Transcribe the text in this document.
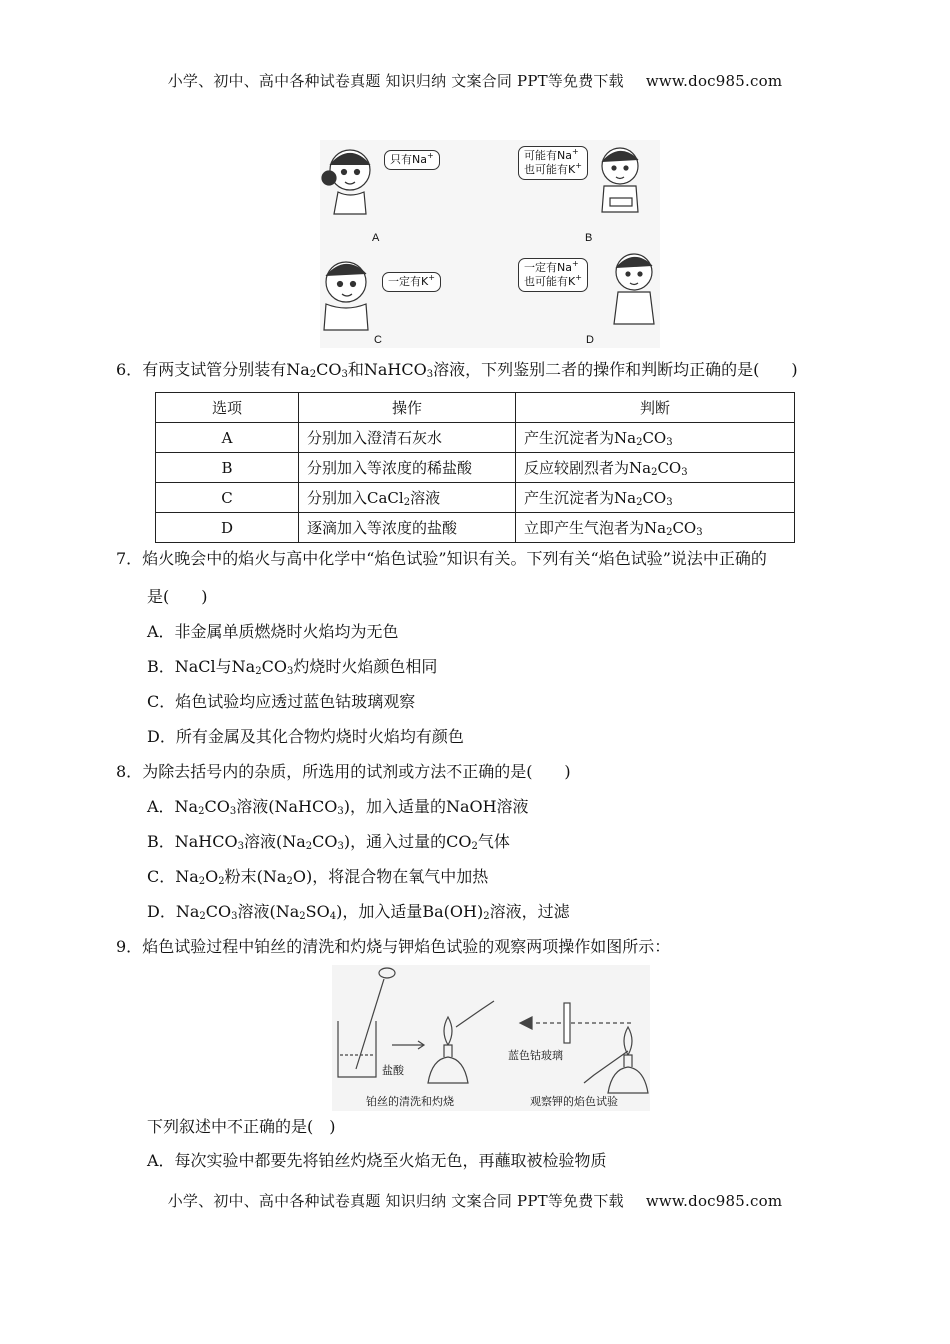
小学、初中、高中各种试卷真题 知识归纳 文案合同 PPT等免费下载 www.doc985.com
只有Na+
A
可能有Na+
也可能有K+
B
一定有K+
C
一定有Na+
也可能有K+
D
6．有两支试管分别装有$Na_2CO_3$和NaHCO$_3$溶液，下列鉴别二者的操作和判断均正确的是(　　)
选项	操作	判断
A	分别加入澄清石灰水	产生沉淀者为$Na_2CO_3$
B	分别加入等浓度的稀盐酸	反应较剧烈者为$Na_2CO_3$
C	分别加入CaCl$_2$溶液	产生沉淀者为$Na_2CO_3$
D	逐滴加入等浓度的盐酸	立即产生气泡者为$Na_2CO_3$
7．焰火晚会中的焰火与高中化学中“焰色试验”知识有关。下列有关“焰色试验”说法中正确的
是(　　)
A．非金属单质燃烧时火焰均为无色
B．NaCl与$Na_2CO_3$灼烧时火焰颜色相同
C．焰色试验均应透过蓝色钴玻璃观察
D．所有金属及其化合物灼烧时火焰均有颜色
8．为除去括号内的杂质，所选用的试剂或方法不正确的是(　　)
A．$Na_2CO_3$溶液(NaHCO$_3$)，加入适量的NaOH溶液
B．NaHCO$_3$溶液$(Na_2CO_3)$，通入过量的$CO_2$气体
C．$Na_2O_2$粉末$(Na_2O)$，将混合物在氧气中加热
D．$Na_2CO_3$溶液$(Na_2SO_4)$，加入适量$Ba(OH)_2$溶液，过滤
9．焰色试验过程中铂丝的清洗和灼烧与钾焰色试验的观察两项操作如图所示：
盐酸
蓝色钴玻璃
铂丝的清洗和灼烧	观察钾的焰色试验
下列叙述中不正确的是(　)
A．每次实验中都要先将铂丝灼烧至火焰无色，再蘸取被检验物质
小学、初中、高中各种试卷真题 知识归纳 文案合同 PPT等免费下载 www.doc985.com
